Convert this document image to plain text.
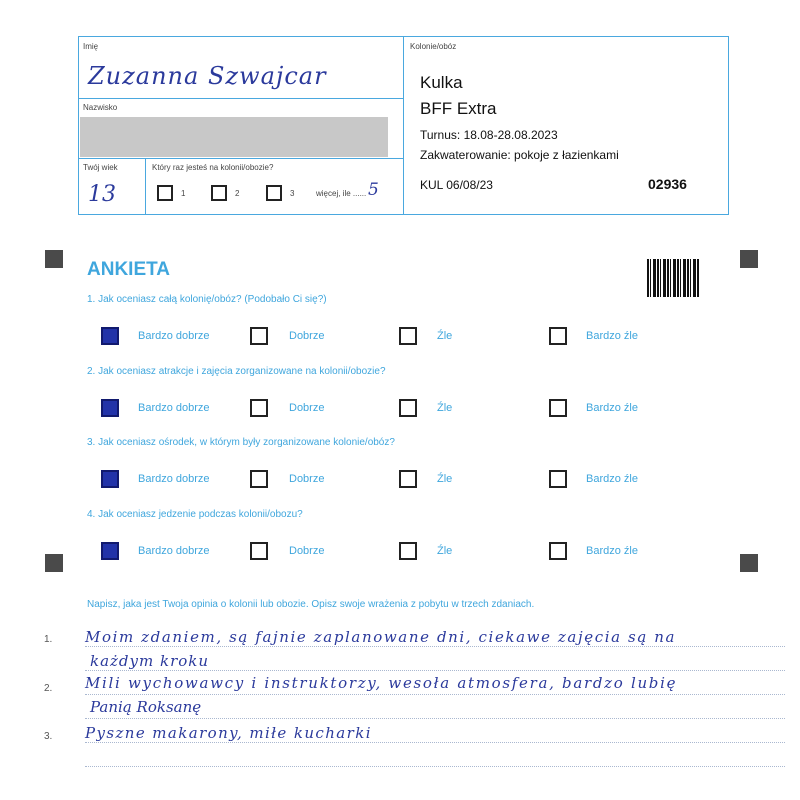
Imię
Zuzanna Szwajcar
Nazwisko
Twój wiek
13
Który raz jesteś na kolonii/obozie?
1	2	3	więcej, ile ...... 5
Kolonie/obóz
Kulka
BFF Extra
Turnus: 18.08-28.08.2023
Zakwaterowanie: pokoje z łazienkami
KUL 06/08/23	02936
ANKIETA
1. Jak oceniasz całą kolonię/obóz? (Podobało Ci się?)
Bardzo dobrze	Dobrze	Źle	Bardzo źle
2. Jak oceniasz atrakcje i zajęcia zorganizowane na kolonii/obozie?
Bardzo dobrze	Dobrze	Źle	Bardzo źle
3. Jak oceniasz ośrodek, w którym były zorganizowane kolonie/obóz?
Bardzo dobrze	Dobrze	Źle	Bardzo źle
4. Jak oceniasz jedzenie podczas kolonii/obozu?
Bardzo dobrze	Dobrze	Źle	Bardzo źle
Napisz, jaka jest Twoja opinia o kolonii lub obozie. Opisz swoje wrażenia z pobytu w trzech zdaniach.
1.
2.
3.
Moim zdaniem, są fajnie zaplanowane dni, ciekawe zajęcia są na
każdym kroku
Mili wychowawcy i instruktorzy, wesoła atmosfera, bardzo lubię
Panią Roksanę
Pyszne makarony, miłe kucharki
